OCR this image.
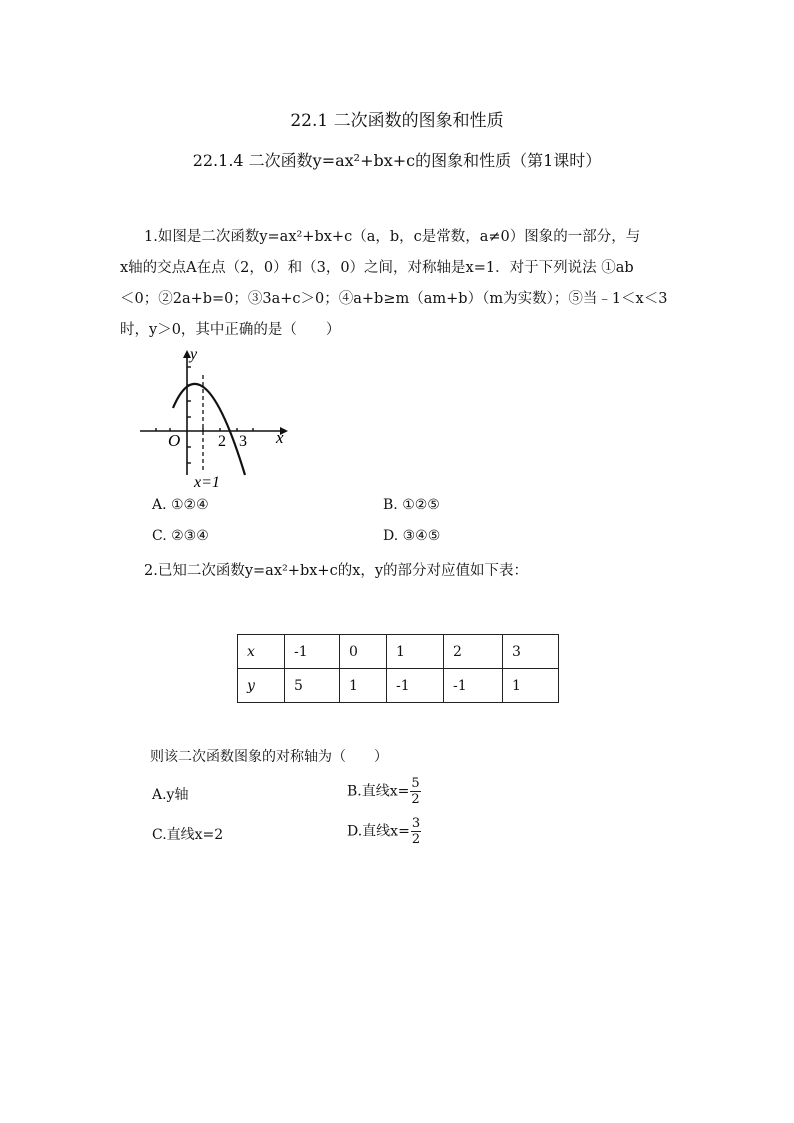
22.1 二次函数的图象和性质
22.1.4 二次函数y=ax²+bx+c的图象和性质（第1课时）
1.如图是二次函数y=ax²+bx+c（a，b，c是常数，a≠0）图象的一部分，与
x轴的交点A在点（2，0）和（3，0）之间，对称轴是x=1．对于下列说法 ①ab
＜0；②2a+b=0；③3a+c＞0；④a+b≥m（am+b）（m为实数）；⑤当﹣1＜x＜3
时，y＞0，其中正确的是（　　）
y
x
O 2 3
x=1
A. ①②④	B. ①②⑤
C. ②③④	D. ③④⑤
2.已知二次函数y=ax²+bx+c的x，y的部分对应值如下表：
x	-1	0	1	2	3
y	5	1	-1	-1	1
则该二次函数图象的对称轴为（　　）
A.y轴	B.直线$x= \frac{5}{2}$
C.直线x=2	D.直线$x= \frac{3}{2}$
